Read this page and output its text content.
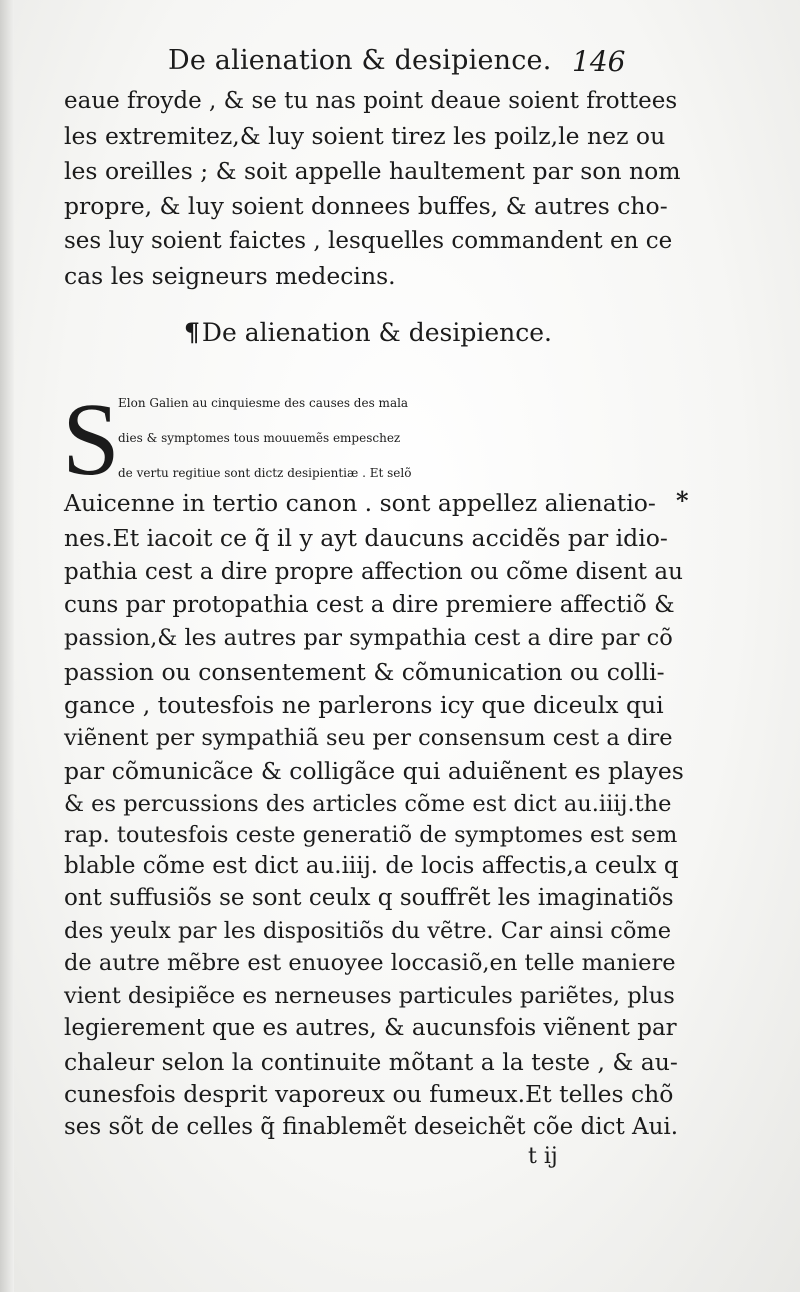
De alienation & desipience. 146
eaue froyde , & se tu nas point deaue soient frottees
les extremitez,& luy soient tirez les poilz,le nez ou
les oreilles ; & soit appelle haultement par son nom
propre, & luy soient donnees buffes, & autres cho-
ses luy soient faictes , lesquelles commandent en ce
cas les seigneurs medecins.
¶De alienation & desipience.
S
Elon Galien au cinquiesme des causes des mala
dies & symptomes tous mouuemẽs empeschez
de vertu regitiue sont dictz desipientiæ . Et selõ
Auicenne in tertio canon . sont appellez alienatio-
nes.Et iacoit ce q̃ il y ayt daucuns accidẽs par idio-
pathia cest a dire propre affection ou cõme disent au
cuns par protopathia cest a dire premiere affectiõ &
passion,& les autres par sympathia cest a dire par cõ
passion ou consentement & cõmunication ou colli-
gance , toutesfois ne parlerons icy que diceulx qui
viẽnent per sympathiã seu per consensum cest a dire
par cõmunicãce & colligãce qui aduiẽnent es playes
& es percussions des articles cõme est dict au.iiij.the
rap. toutesfois ceste generatiõ de symptomes est sem
blable cõme est dict au.iiij. de locis affectis,a ceulx q
ont suffusiõs se sont ceulx q souffrẽt les imaginatiõs
des yeulx par les dispositiõs du vẽtre. Car ainsi cõme
de autre mẽbre est enuoyee loccasiõ,en telle maniere
vient desipiẽce es nerneuses particules pariẽtes, plus
legierement que es autres, & aucunsfois viẽnent par
chaleur selon la continuite mõtant a la teste , & au-
cunesfois desprit vaporeux ou fumeux.Et telles chõ
ses sõt de celles q̃ finablemẽt deseichẽt cõe dict Aui.
*
t ij
